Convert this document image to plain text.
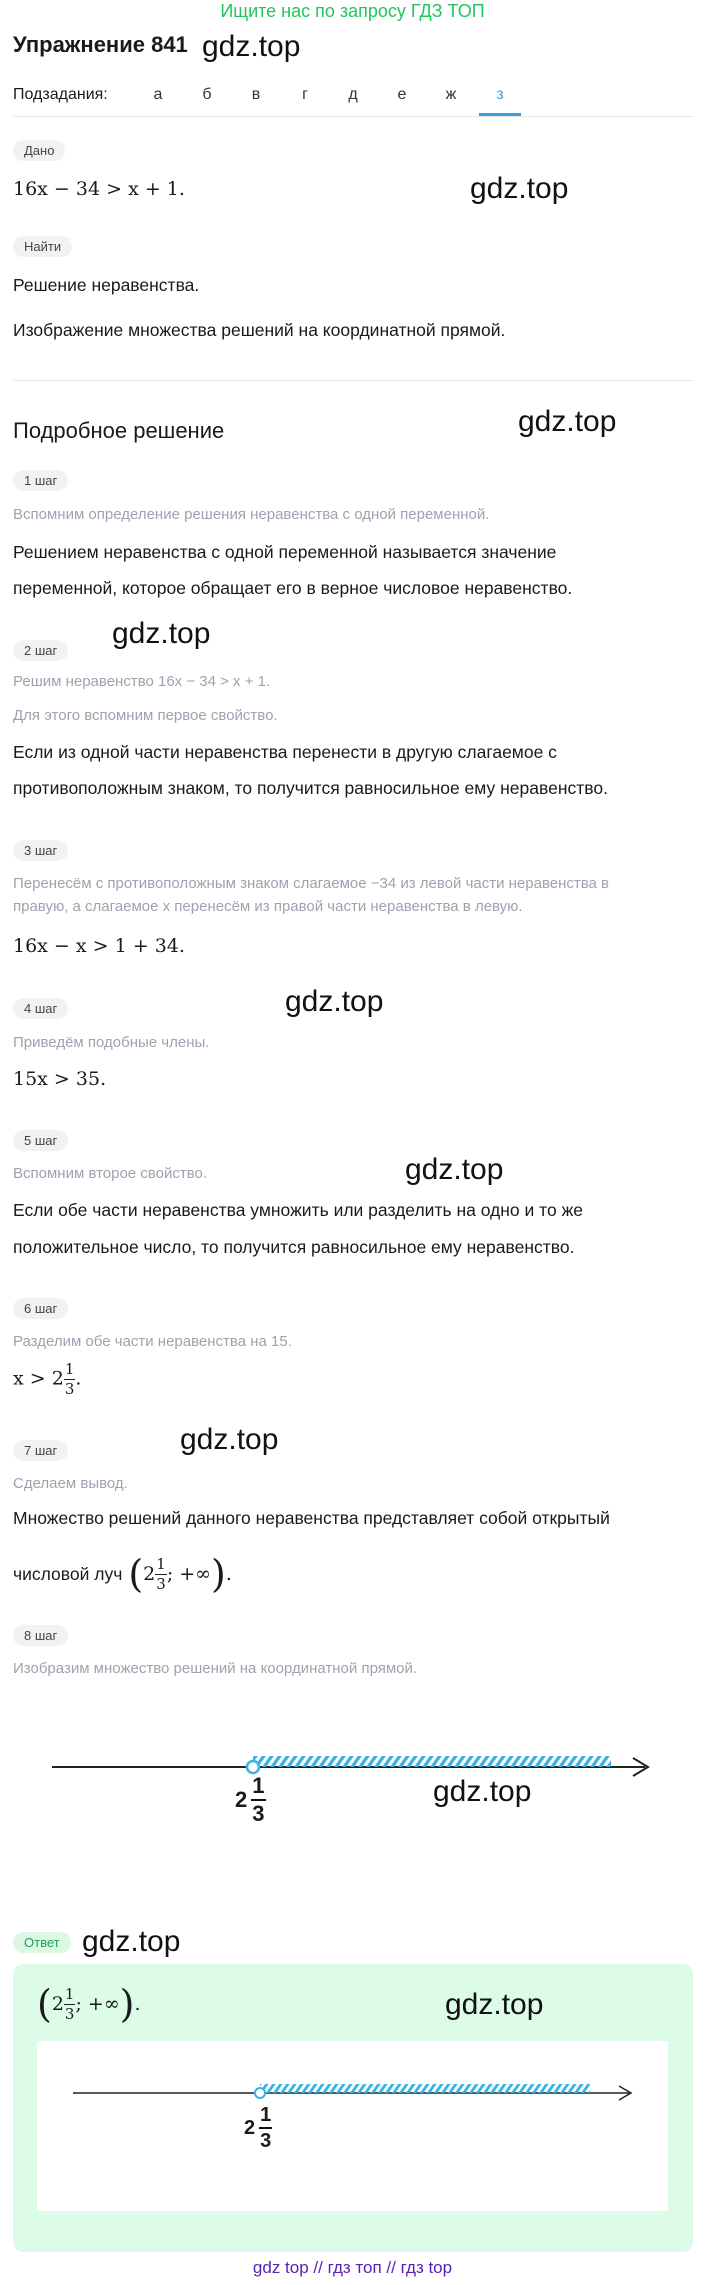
Ищите нас по запросу ГДЗ ТОП
Упражнение 841 gdz.top
Подзадания:	а	б	в	г	д	е	ж	з
Дано
16x − 34 > x + 1.	gdz.top
Найти
Решение неравенства.
Изображение множества решений на координатной прямой.
Подробное решение	gdz.top
1 шаг
Вспомним определение решения неравенства с одной переменной.
Решением неравенства с одной переменной называется значение
переменной, которое обращает его в верное числовое неравенство.
2 шаг
gdz.top
Решим неравенство 16x − 34 > x + 1.
Для этого вспомним первое свойство.
Если из одной части неравенства перенести в другую слагаемое с
противоположным знаком, то получится равносильное ему неравенство.
3 шаг
Перенесём с противоположным знаком слагаемое −34 из левой части неравенства в
правую, а слагаемое x перенесём из правой части неравенства в левую.
16x − x > 1 + 34.
4 шаг	gdz.top
Приведём подобные члены.
15x > 35.
5 шаг
gdz.top
Вспомним второе свойство.
Если обе части неравенства умножить или разделить на одно и то же
положительное число, то получится равносильное ему неравенство.
6 шаг
Разделим обе части неравенства на 15.
$x > 2 \frac{1}{3}$ .
7 шаг	gdz.top
Сделаем вывод.
Множество решений данного неравенства представляет собой открытый
числовой луч ( $2 \frac{1}{3}$ ; +∞ ) .
8 шаг
Изобразим множество решений на координатной прямой.
$2 \frac{1}{3}$	gdz.top
Ответ gdz.top
( $2 \frac{1}{3}$ ; +∞ ) .	gdz.top
$2 \frac{1}{3}$
gdz top // гдз топ // гдз top
